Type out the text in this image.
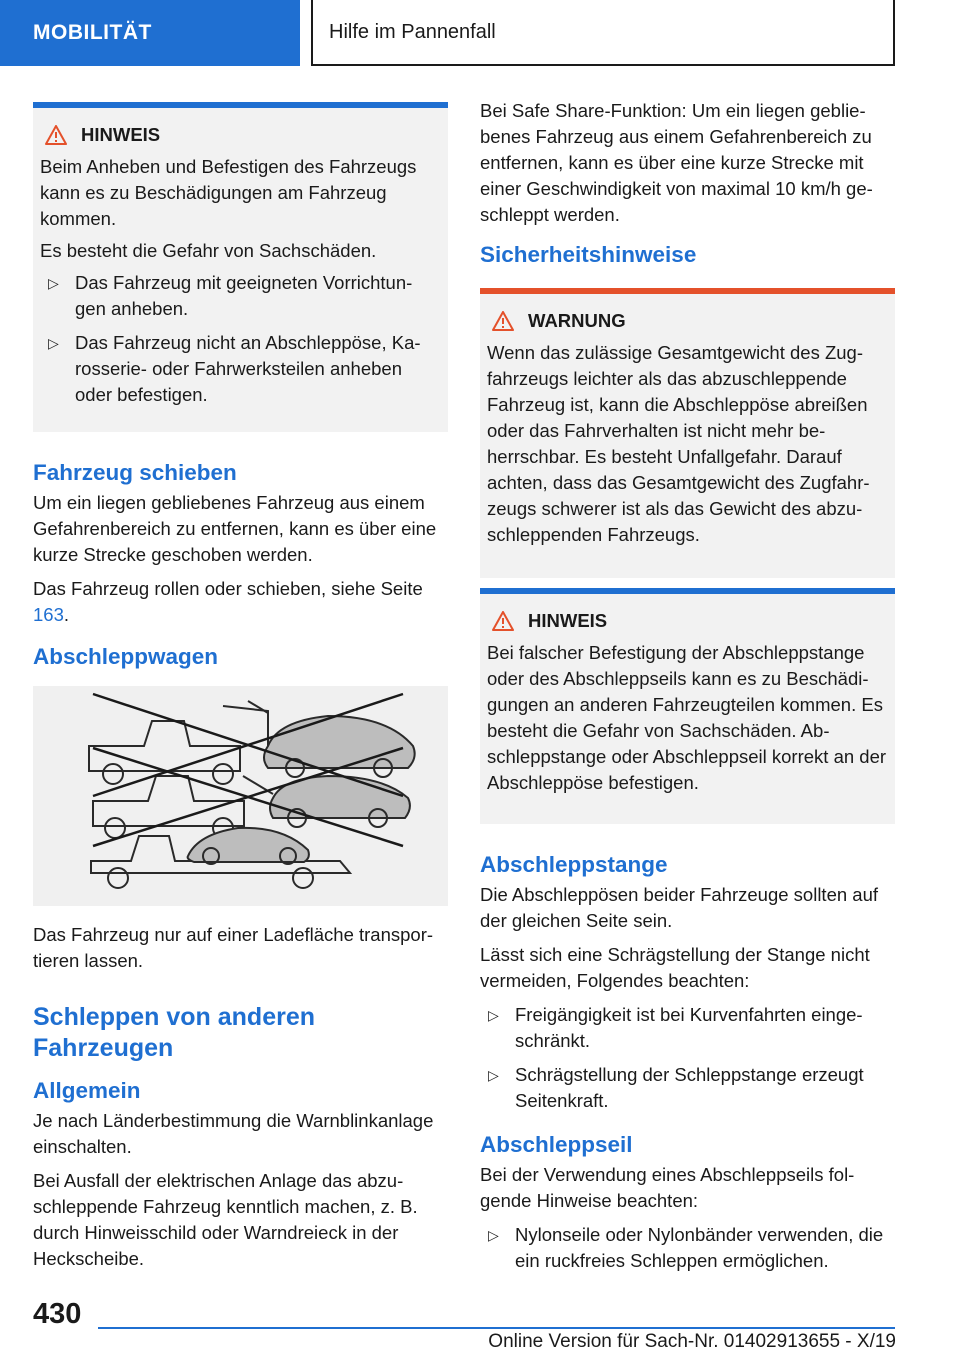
MOBILITÄT	Hilfe im Pannenfall
HINWEIS

Beim Anheben und Befestigen des Fahrzeugs kann es zu Beschädigungen am Fahrzeug kommen.

Es besteht die Gefahr von Sachschäden.

▷ Das Fahrzeug mit geeigneten Vorrichtun-gen anheben.
▷ Das Fahrzeug nicht an Abschleppöse, Ka-rosserie- oder Fahrwerksteilen anheben oder befestigen.
Fahrzeug schieben

Um ein liegen gebliebenes Fahrzeug aus einem Gefahrenbereich zu entfernen, kann es über eine kurze Strecke geschoben werden.

Das Fahrzeug rollen oder schieben, siehe Seite 163.

Abschleppwagen

Das Fahrzeug nur auf einer Ladefläche transpor-tieren lassen.

Schleppen von anderen Fahrzeugen
Allgemein

Je nach Länderbestimmung die Warnblinkanlage einschalten.

Bei Ausfall der elektrischen Anlage das abzu-schleppende Fahrzeug kenntlich machen, z. B. durch Hinweisschild oder Warndreieck in der Heckscheibe.

Bei Safe Share-Funktion: Um ein liegen geblie-benes Fahrzeug aus einem Gefahrenbereich zu entfernen, kann es über eine kurze Strecke mit einer Geschwindigkeit von maximal 10 km/h ge-schleppt werden.

Sicherheitshinweise
WARNUNG

Wenn das zulässige Gesamtgewicht des Zug-fahrzeugs leichter als das abzuschleppende Fahrzeug ist, kann die Abschleppöse abreißen oder das Fahrverhalten ist nicht mehr be-herrschbar. Es besteht Unfallgefahr. Darauf achten, dass das Gesamtgewicht des Zugfahr-zeugs schwerer ist als das Gewicht des abzu-schleppenden Fahrzeugs.

HINWEIS

Bei falscher Befestigung der Abschleppstange oder des Abschleppseils kann es zu Beschädi-gungen an anderen Fahrzeugteilen kommen. Es besteht die Gefahr von Sachschäden. Ab-schleppstange oder Abschleppseil korrekt an der Abschleppöse befestigen.

Abschleppstange

Die Abschleppösen beider Fahrzeuge sollten auf der gleichen Seite sein.

Lässt sich eine Schrägstellung der Stange nicht vermeiden, Folgendes beachten:

▷ Freigängigkeit ist bei Kurvenfahrten einge-schränkt.
▷ Schrägstellung der Schleppstange erzeugt Seitenkraft.
Abschleppseil

Bei der Verwendung eines Abschleppseils fol-gende Hinweise beachten:

▷ Nylonseile oder Nylonbänder verwenden, die ein ruckfreies Schleppen ermöglichen.
430
Online Version für Sach-Nr. 01402913655 - X/19
